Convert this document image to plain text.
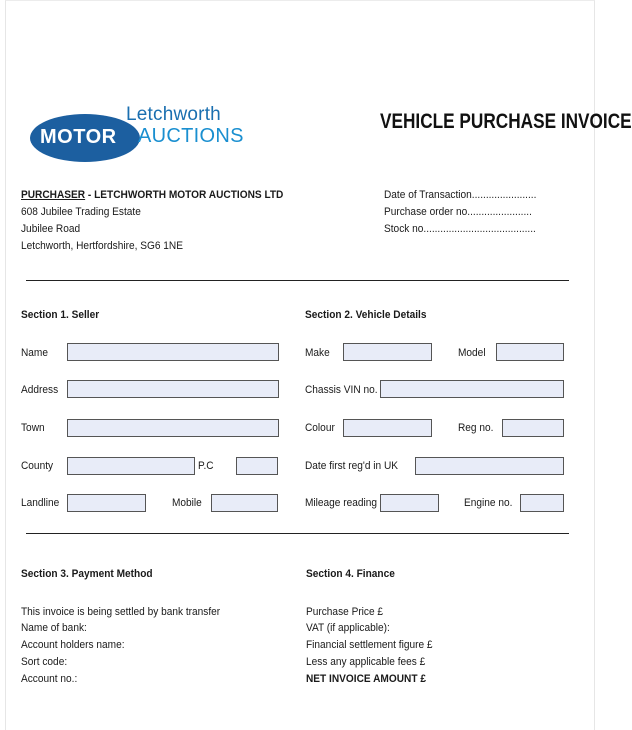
Letchworth
MOTOR AUCTIONS
VEHICLE PURCHASE INVOICE
PURCHASER - LETCHWORTH MOTOR AUCTIONS LTD
608 Jubilee Trading Estate
Jubilee Road
Letchworth, Hertfordshire, SG6 1NE
Date of Transaction.......................
Purchase order no.......................
Stock no........................................
Section 1. Seller
Name
Address
Town
County	P.C
Landline	Mobile
Section 2. Vehicle Details
Make	Model
Chassis VIN no.
Colour	Reg no.
Date first reg'd in UK
Mileage reading	Engine no.
Section 3. Payment Method
This invoice is being settled by bank transfer
Name of bank:
Account holders name:
Sort code:
Account no.:
Section 4. Finance
Purchase Price £
VAT (if applicable):
Financial settlement figure £
Less any applicable fees £
NET INVOICE AMOUNT £
